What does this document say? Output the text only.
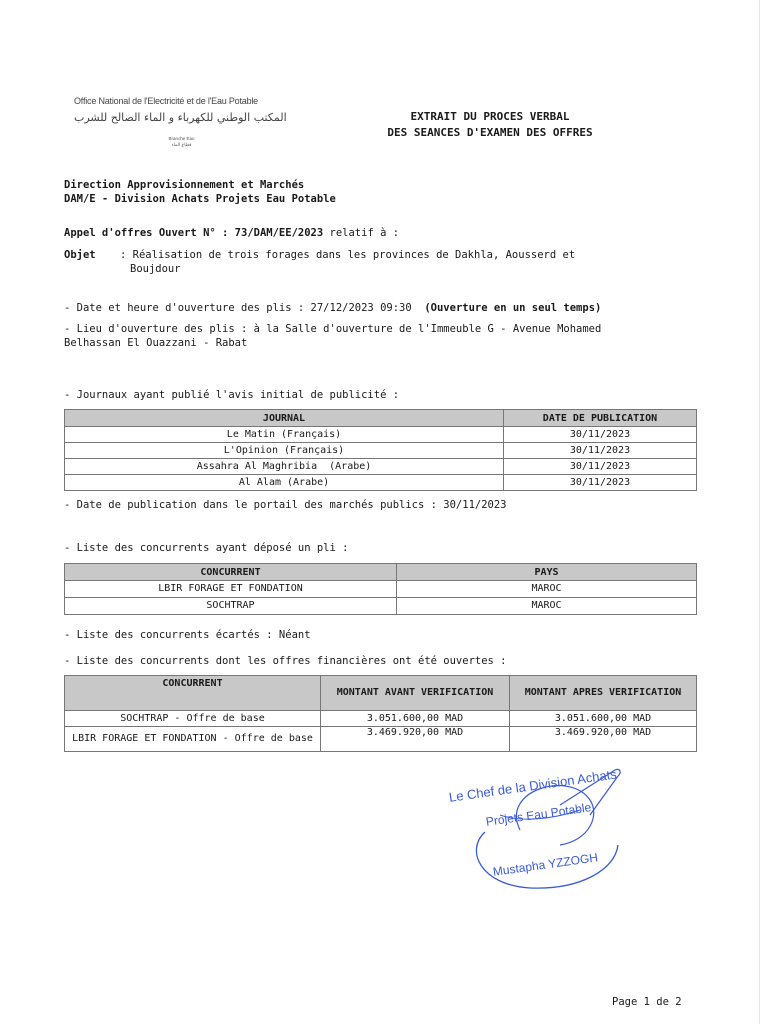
Office National de l'Electricité et de l'Eau Potable
المكتب الوطني للكهرباء و الماء الصالح للشرب
Branche Eau
قطاع الماء
EXTRAIT DU PROCES VERBAL
DES SEANCES D'EXAMEN DES OFFRES
Direction Approvisionnement et Marchés
DAM/E - Division Achats Projets Eau Potable
Appel d'offres Ouvert N° : 73/DAM/EE/2023 relatif à :
Objet : Réalisation de trois forages dans les provinces de Dakhla, Aousserd et
Boujdour
- Date et heure d'ouverture des plis : 27/12/2023 09:30 (Ouverture en un seul temps)
- Lieu d'ouverture des plis : à la Salle d'ouverture de l'Immeuble G - Avenue Mohamed
Belhassan El Ouazzani - Rabat
- Journaux ayant publié l'avis initial de publicité :
JOURNAL	DATE DE PUBLICATION
Le Matin (Français)	30/11/2023
L'Opinion (Français)	30/11/2023
Assahra Al Maghribia  (Arabe)	30/11/2023
Al Alam (Arabe)	30/11/2023
- Date de publication dans le portail des marchés publics : 30/11/2023
- Liste des concurrents ayant déposé un pli :
CONCURRENT	PAYS
LBIR FORAGE ET FONDATION	MAROC
SOCHTRAP	MAROC
- Liste des concurrents écartés : Néant
- Liste des concurrents dont les offres financières ont été ouvertes :
CONCURRENT	MONTANT AVANT VERIFICATION	MONTANT APRES VERIFICATION
SOCHTRAP - Offre de base	3.051.600,00 MAD	3.051.600,00 MAD
LBIR FORAGE ET FONDATION - Offre de base	3.469.920,00 MAD	3.469.920,00 MAD
Le Chef de la Division Achats
Projets Eau Potable
Mustapha YZZOGH
Page 1 de 2
